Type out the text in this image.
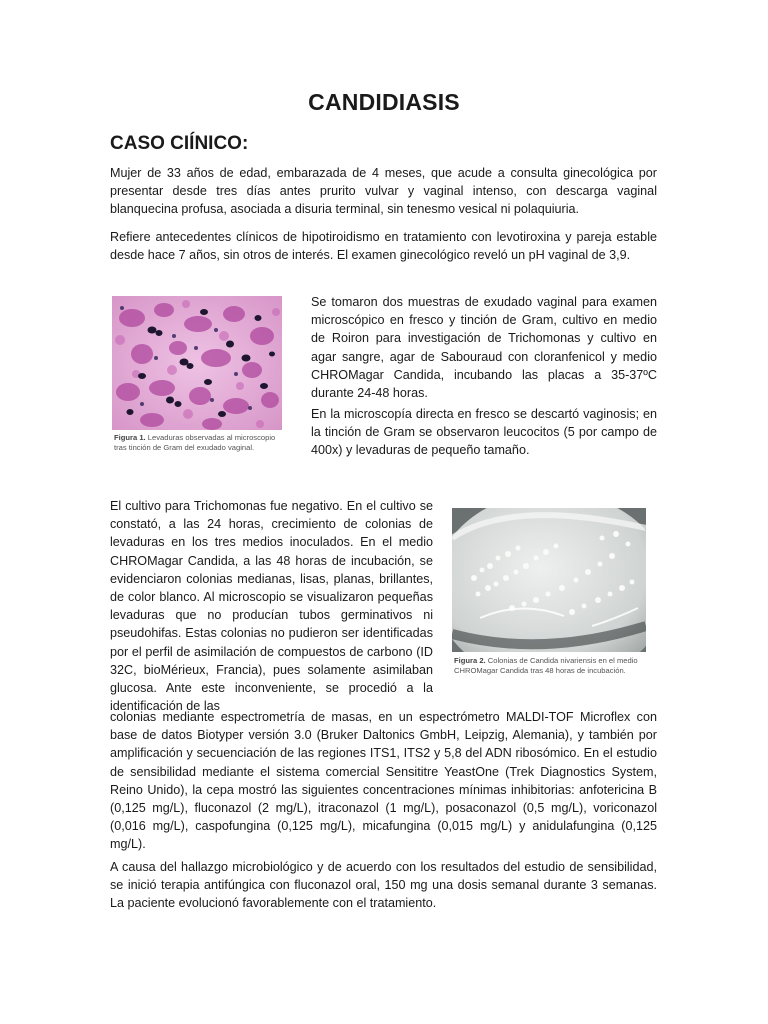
CANDIDIASIS
CASO CIÍNICO:

Mujer de 33 años de edad, embarazada de 4 meses, que acude a consulta ginecológica por presentar desde tres días antes prurito vulvar y vaginal intenso, con descarga vaginal blanquecina profusa, asociada a disuria terminal, sin tenesmo vesical ni polaquiuria.

Refiere antecedentes clínicos de hipotiroidismo en tratamiento con levotiroxina y pareja estable desde hace 7 años, sin otros de interés. El examen ginecológico reveló un pH vaginal de 3,9.

Figura 1. Levaduras observadas al microscopio tras tinción de Gram del exudado vaginal.

Se tomaron dos muestras de exudado vaginal para examen microscópico en fresco y tinción de Gram, cultivo en medio de Roiron para investigación de Trichomonas y cultivo en agar sangre, agar de Sabouraud con cloranfenicol y medio CHROMagar Candida, incubando las placas a 35-37ºC durante 24-48 horas.

En la microscopía directa en fresco se descartó vaginosis; en la tinción de Gram se observaron leucocitos (5 por campo de 400x) y levaduras de pequeño tamaño.

Figura 2. Colonias de Candida nivariensis en el medio CHROMagar Candida tras 48 horas de incubación.

El cultivo para Trichomonas fue negativo. En el cultivo se constató, a las 24 horas, crecimiento de colonias de levaduras en los tres medios inoculados. En el medio CHROMagar Candida, a las 48 horas de incubación, se evidenciaron colonias medianas, lisas, planas, brillantes, de color blanco. Al microscopio se visualizaron pequeñas levaduras que no producían tubos germinativos ni pseudohifas. Estas colonias no pudieron ser identificadas por el perfil de asimilación de compuestos de carbono (ID 32C, bioMérieux, Francia), pues solamente asimilaban glucosa. Ante este inconveniente, se procedió a la identificación de las

colonias mediante espectrometría de masas, en un espectrómetro MALDI-TOF Microflex con base de datos Biotyper versión 3.0 (Bruker Daltonics GmbH, Leipzig, Alemania), y también por amplificación y secuenciación de las regiones ITS1, ITS2 y 5,8 del ADN ribosómico. En el estudio de sensibilidad mediante el sistema comercial Sensititre YeastOne (Trek Diagnostics System, Reino Unido), la cepa mostró las siguientes concentraciones mínimas inhibitorias: anfotericina B (0,125 mg/L), fluconazol (2 mg/L), itraconazol (1 mg/L), posaconazol (0,5 mg/L), voriconazol (0,016 mg/L), caspofungina (0,125 mg/L), micafungina (0,015 mg/L) y anidulafungina (0,125 mg/L).

A causa del hallazgo microbiológico y de acuerdo con los resultados del estudio de sensibilidad, se inició terapia antifúngica con fluconazol oral, 150 mg una dosis semanal durante 3 semanas. La paciente evolucionó favorablemente con el tratamiento.
